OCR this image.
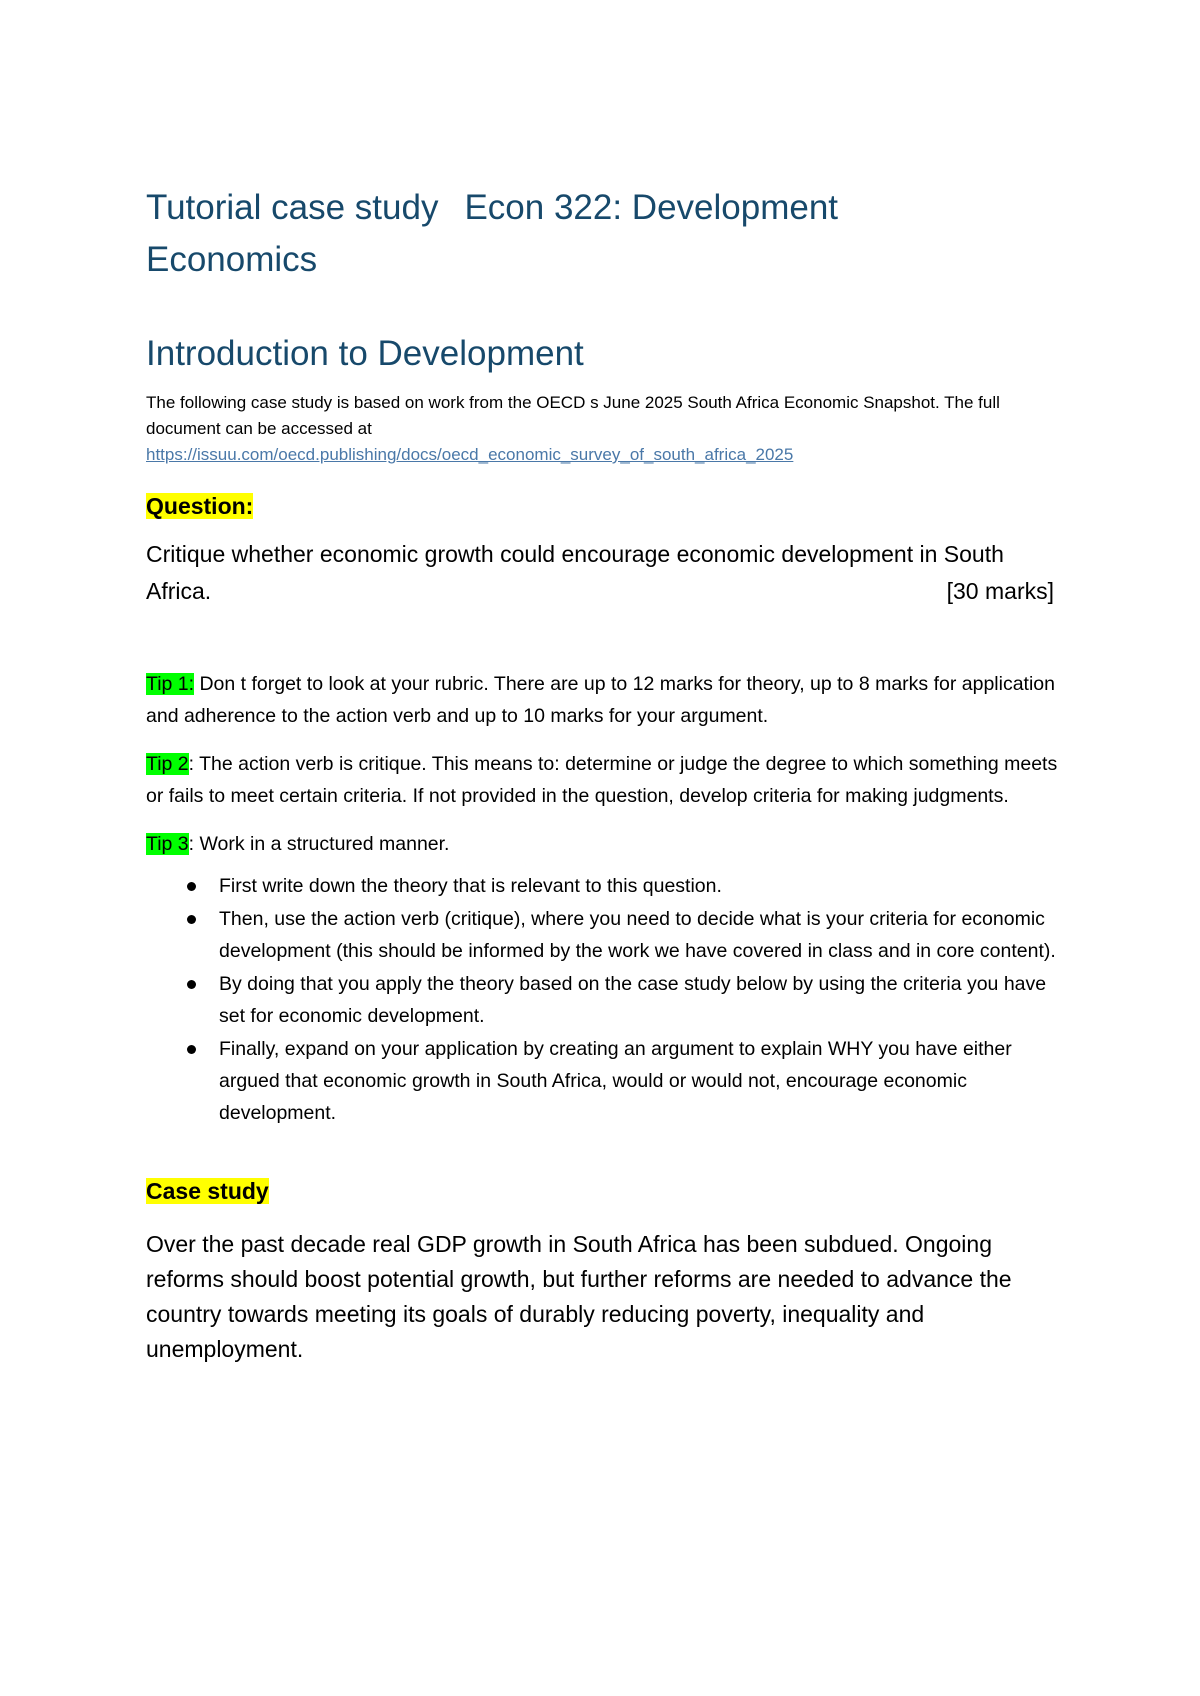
Tutorial case study Econ 322: Development
Economics
Introduction to Development

The following case study is based on work from the OECD s June 2025 South Africa Economic Snapshot. The full document can be accessed at
https://issuu.com/oecd.publishing/docs/oecd_economic_survey_of_south_africa_2025

Question:

Critique whether economic growth could encourage economic development in South Africa.	[30 marks]

Tip 1: Don t forget to look at your rubric. There are up to 12 marks for theory, up to 8 marks for application and adherence to the action verb and up to 10 marks for your argument.

Tip 2: The action verb is critique. This means to: determine or judge the degree to which something meets or fails to meet certain criteria. If not provided in the question, develop criteria for making judgments.

Tip 3: Work in a structured manner.

First write down the theory that is relevant to this question.
Then, use the action verb (critique), where you need to decide what is your criteria for economic development (this should be informed by the work we have covered in class and in core content).
By doing that you apply the theory based on the case study below by using the criteria you have set for economic development.
Finally, expand on your application by creating an argument to explain WHY you have either argued that economic growth in South Africa, would or would not, encourage economic development.

Case study

Over the past decade real GDP growth in South Africa has been subdued. Ongoing reforms should boost potential growth, but further reforms are needed to advance the country towards meeting its goals of durably reducing poverty, inequality and unemployment.
